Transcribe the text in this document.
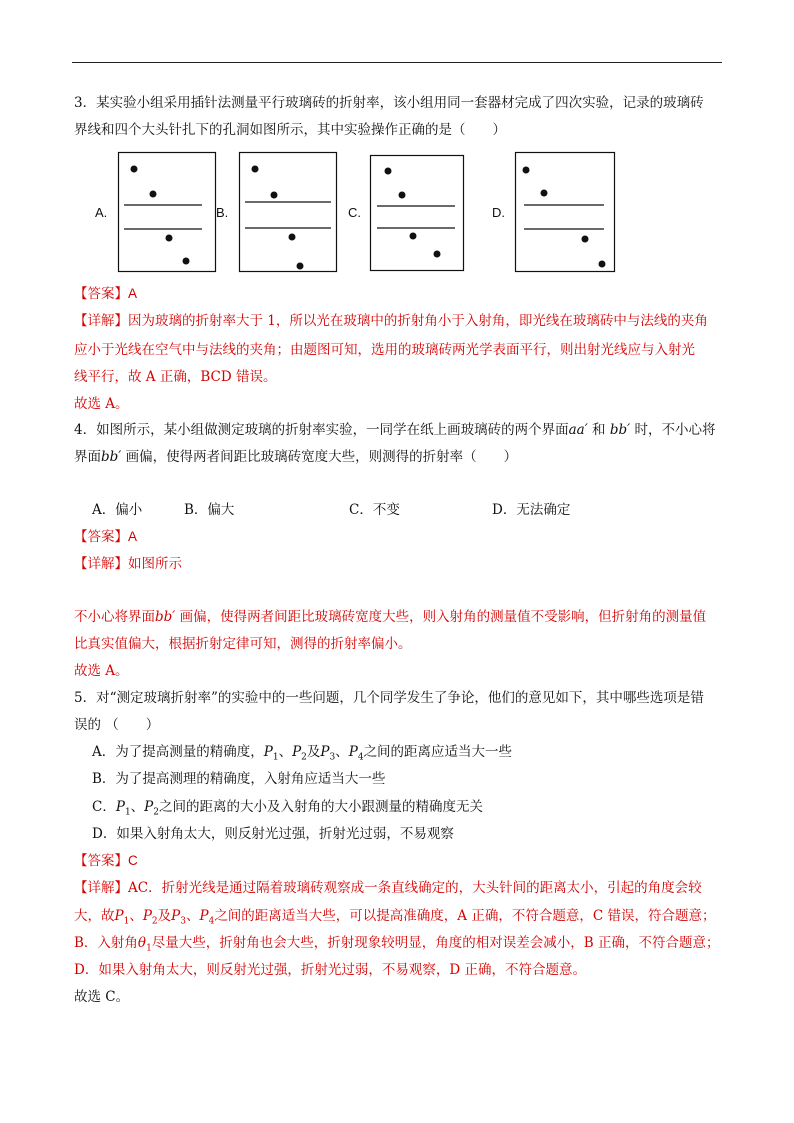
3．某实验小组采用插针法测量平行玻璃砖的折射率，该小组用同一套器材完成了四次实验，记录的玻璃砖
界线和四个大头针扎下的孔洞如图所示，其中实验操作正确的是（　　）
A.	B.	C.	D.
【答案】A
【详解】因为玻璃的折射率大于 1，所以光在玻璃中的折射角小于入射角，即光线在玻璃砖中与法线的夹角
应小于光线在空气中与法线的夹角；由题图可知，选用的玻璃砖两光学表面平行，则出射光线应与入射光
线平行，故 A 正确，BCD 错误。
故选 A。
4．如图所示，某小组做测定玻璃的折射率实验，一同学在纸上画玻璃砖的两个界面aa′ 和 bb′ 时，不小心将
界面bb′ 画偏，使得两者间距比玻璃砖宽度大些，则测得的折射率（　　）
A．偏小	B．偏大	C．不变	D．无法确定
【答案】A
【详解】如图所示
不小心将界面bb′ 画偏，使得两者间距比玻璃砖宽度大些，则入射角的测量值不受影响，但折射角的测量值
比真实值偏大，根据折射定律可知，测得的折射率偏小。
故选 A。
5．对“测定玻璃折射率”的实验中的一些问题，几个同学发生了争论，他们的意见如下，其中哪些选项是错
误的 （　　）
A．为了提高测量的精确度，$P_1$、$P_2$及$P_3$、$P_4$之间的距离应适当大一些
B．为了提高测理的精确度，入射角应适当大一些
C．$P_1$、$P_2$之间的距离的大小及入射角的大小跟测量的精确度无关
D．如果入射角太大，则反射光过强，折射光过弱，不易观察
【答案】C
【详解】AC．折射光线是通过隔着玻璃砖观察成一条直线确定的，大头针间的距离太小，引起的角度会较
大，故$P_1$、$P_2$及$P_3$、$P_4$之间的距离适当大些，可以提高准确度，A 正确，不符合题意，C 错误，符合题意；
B．入射角$\theta_1$尽量大些，折射角也会大些，折射现象较明显，角度的相对误差会减小，B 正确，不符合题意；
D．如果入射角太大，则反射光过强，折射光过弱，不易观察，D 正确，不符合题意。
故选 C。
